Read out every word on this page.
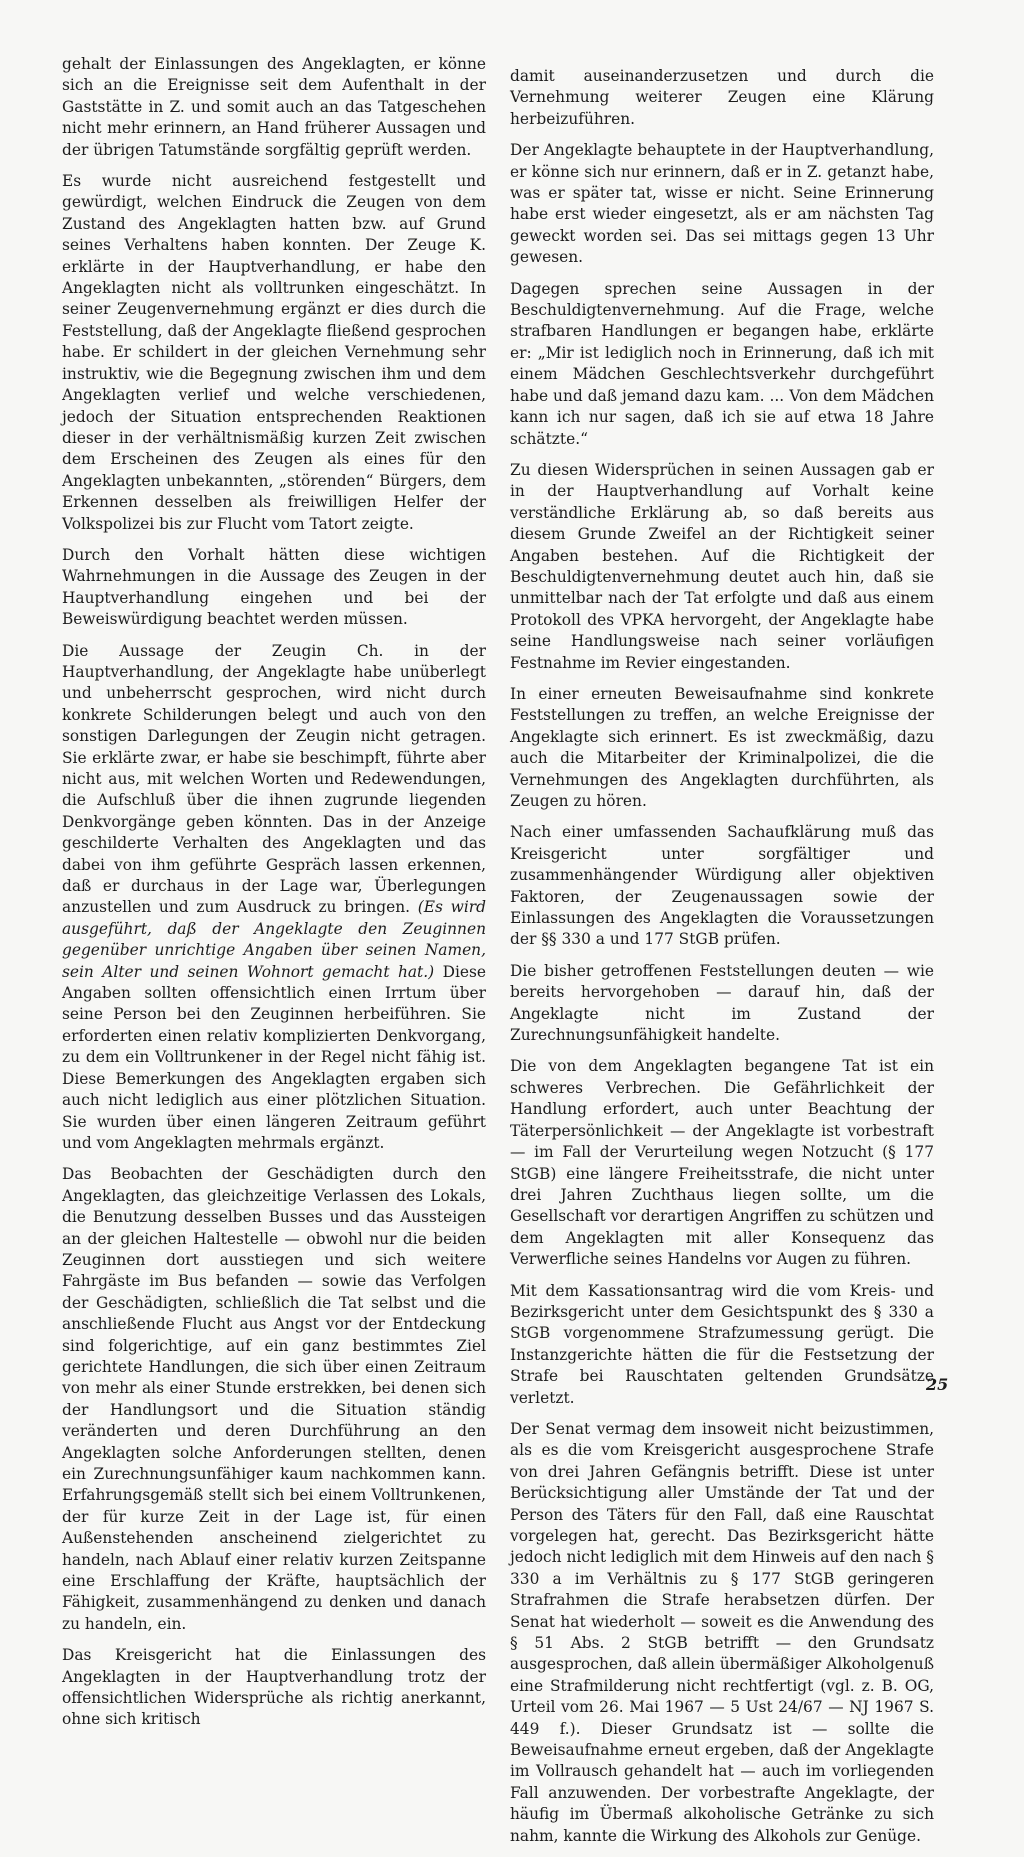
gehalt der Einlassungen des Angeklagten, er könne sich an die Ereignisse seit dem Aufenthalt in der Gaststätte in Z. und somit auch an das Tatgeschehen nicht mehr erinnern, an Hand früherer Aussagen und der übrigen Tatumstände sorgfältig geprüft werden.

Es wurde nicht ausreichend festgestellt und gewürdigt, welchen Eindruck die Zeugen von dem Zustand des Angeklagten hatten bzw. auf Grund seines Verhaltens haben konnten. Der Zeuge K. erklärte in der Hauptverhandlung, er habe den Angeklagten nicht als volltrunken eingeschätzt. In seiner Zeugenvernehmung ergänzt er dies durch die Feststellung, daß der Angeklagte fließend gesprochen habe. Er schildert in der gleichen Vernehmung sehr instruktiv, wie die Begegnung zwischen ihm und dem Angeklagten verlief und welche verschiedenen, jedoch der Situation entsprechenden Reaktionen dieser in der verhältnismäßig kurzen Zeit zwischen dem Erscheinen des Zeugen als eines für den Angeklagten unbekannten, „störenden“ Bürgers, dem Erkennen desselben als freiwilligen Helfer der Volkspolizei bis zur Flucht vom Tatort zeigte.

Durch den Vorhalt hätten diese wichtigen Wahrnehmungen in die Aussage des Zeugen in der Hauptverhandlung eingehen und bei der Beweiswürdigung beachtet werden müssen.

Die Aussage der Zeugin Ch. in der Hauptverhandlung, der Angeklagte habe unüberlegt und unbeherrscht gesprochen, wird nicht durch konkrete Schilderungen belegt und auch von den sonstigen Darlegungen der Zeugin nicht getragen. Sie erklärte zwar, er habe sie beschimpft, führte aber nicht aus, mit welchen Worten und Redewendungen, die Aufschluß über die ihnen zugrunde liegenden Denkvorgänge geben könnten. Das in der Anzeige geschilderte Verhalten des Angeklagten und das dabei von ihm geführte Gespräch lassen erkennen, daß er durchaus in der Lage war, Überlegungen anzustellen und zum Ausdruck zu bringen. (Es wird ausgeführt, daß der Angeklagte den Zeuginnen gegenüber unrichtige Angaben über seinen Namen, sein Alter und seinen Wohnort gemacht hat.) Diese Angaben sollten offensichtlich einen Irrtum über seine Person bei den Zeuginnen herbeiführen. Sie erforderten einen relativ komplizierten Denkvorgang, zu dem ein Volltrunkener in der Regel nicht fähig ist. Diese Bemerkungen des Angeklagten ergaben sich auch nicht lediglich aus einer plötzlichen Situation. Sie wurden über einen längeren Zeitraum geführt und vom Angeklagten mehrmals ergänzt.

Das Beobachten der Geschädigten durch den Angeklagten, das gleichzeitige Verlassen des Lokals, die Benutzung desselben Busses und das Aussteigen an der gleichen Haltestelle — obwohl nur die beiden Zeuginnen dort ausstiegen und sich weitere Fahrgäste im Bus befanden — sowie das Verfolgen der Geschädigten, schließlich die Tat selbst und die anschließende Flucht aus Angst vor der Entdeckung sind folgerichtige, auf ein ganz bestimmtes Ziel gerichtete Handlungen, die sich über einen Zeitraum von mehr als einer Stunde erstrekken, bei denen sich der Handlungsort und die Situation ständig veränderten und deren Durchführung an den Angeklagten solche Anforderungen stellten, denen ein Zurechnungsunfähiger kaum nachkommen kann. Erfahrungsgemäß stellt sich bei einem Volltrunkenen, der für kurze Zeit in der Lage ist, für einen Außenstehenden anscheinend zielgerichtet zu handeln, nach Ablauf einer relativ kurzen Zeitspanne eine Erschlaffung der Kräfte, hauptsächlich der Fähigkeit, zusammenhängend zu denken und danach zu handeln, ein.

Das Kreisgericht hat die Einlassungen des Angeklagten in der Hauptverhandlung trotz der offensichtlichen Widersprüche als richtig anerkannt, ohne sich kritisch

damit auseinanderzusetzen und durch die Vernehmung weiterer Zeugen eine Klärung herbeizuführen.

Der Angeklagte behauptete in der Hauptverhandlung, er könne sich nur erinnern, daß er in Z. getanzt habe, was er später tat, wisse er nicht. Seine Erinnerung habe erst wieder eingesetzt, als er am nächsten Tag geweckt worden sei. Das sei mittags gegen 13 Uhr gewesen.

Dagegen sprechen seine Aussagen in der Beschuldigtenvernehmung. Auf die Frage, welche strafbaren Handlungen er begangen habe, erklärte er: „Mir ist lediglich noch in Erinnerung, daß ich mit einem Mädchen Geschlechtsverkehr durchgeführt habe und daß jemand dazu kam. ... Von dem Mädchen kann ich nur sagen, daß ich sie auf etwa 18 Jahre schätzte.“

Zu diesen Widersprüchen in seinen Aussagen gab er in der Hauptverhandlung auf Vorhalt keine verständliche Erklärung ab, so daß bereits aus diesem Grunde Zweifel an der Richtigkeit seiner Angaben bestehen. Auf die Richtigkeit der Beschuldigtenvernehmung deutet auch hin, daß sie unmittelbar nach der Tat erfolgte und daß aus einem Protokoll des VPKA hervorgeht, der Angeklagte habe seine Handlungsweise nach seiner vorläufigen Festnahme im Revier eingestanden.

In einer erneuten Beweisaufnahme sind konkrete Feststellungen zu treffen, an welche Ereignisse der Angeklagte sich erinnert. Es ist zweckmäßig, dazu auch die Mitarbeiter der Kriminalpolizei, die die Vernehmungen des Angeklagten durchführten, als Zeugen zu hören.

Nach einer umfassenden Sachaufklärung muß das Kreisgericht unter sorgfältiger und zusammenhängender Würdigung aller objektiven Faktoren, der Zeugenaussagen sowie der Einlassungen des Angeklagten die Voraussetzungen der §§ 330 a und 177 StGB prüfen.

Die bisher getroffenen Feststellungen deuten — wie bereits hervorgehoben — darauf hin, daß der Angeklagte nicht im Zustand der Zurechnungsunfähigkeit handelte.

Die von dem Angeklagten begangene Tat ist ein schweres Verbrechen. Die Gefährlichkeit der Handlung erfordert, auch unter Beachtung der Täterpersönlichkeit — der Angeklagte ist vorbestraft — im Fall der Verurteilung wegen Notzucht (§ 177 StGB) eine längere Freiheitsstrafe, die nicht unter drei Jahren Zuchthaus liegen sollte, um die Gesellschaft vor derartigen Angriffen zu schützen und dem Angeklagten mit aller Konsequenz das Verwerfliche seines Handelns vor Augen zu führen.

Mit dem Kassationsantrag wird die vom Kreis- und Bezirksgericht unter dem Gesichtspunkt des § 330 a StGB vorgenommene Strafzumessung gerügt. Die Instanzgerichte hätten die für die Festsetzung der Strafe bei Rauschtaten geltenden Grundsätze verletzt.

Der Senat vermag dem insoweit nicht beizustimmen, als es die vom Kreisgericht ausgesprochene Strafe von drei Jahren Gefängnis betrifft. Diese ist unter Berücksichtigung aller Umstände der Tat und der Person des Täters für den Fall, daß eine Rauschtat vorgelegen hat, gerecht. Das Bezirksgericht hätte jedoch nicht lediglich mit dem Hinweis auf den nach § 330 a im Verhältnis zu § 177 StGB geringeren Strafrahmen die Strafe herabsetzen dürfen. Der Senat hat wiederholt — soweit es die Anwendung des § 51 Abs. 2 StGB betrifft — den Grundsatz ausgesprochen, daß allein übermäßiger Alkoholgenuß eine Strafmilderung nicht rechtfertigt (vgl. z. B. OG, Urteil vom 26. Mai 1967 — 5 Ust 24/67 — NJ 1967 S. 449 f.). Dieser Grundsatz ist — sollte die Beweisaufnahme erneut ergeben, daß der Angeklagte im Vollrausch gehandelt hat — auch im vorliegenden Fall anzuwenden. Der vorbestrafte Angeklagte, der häufig im Übermaß alkoholische Getränke zu sich nahm, kannte die Wirkung des Alkohols zur Genüge.

25
